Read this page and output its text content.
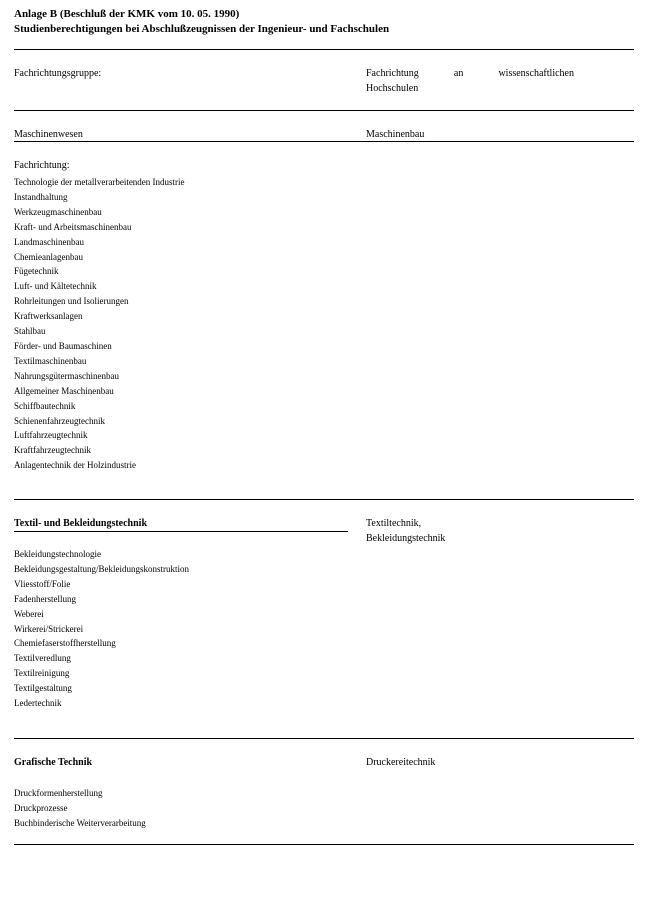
Anlage B (Beschluß der KMK vom 10. 05. 1990)
Studienberechtigungen bei Abschlußzeugnissen der Ingenieur- und Fachschulen
Fachrichtungsgruppe:	Fachrichtung	an	wissenschaftlichen
Hochschulen
Maschinenwesen	Maschinenbau
Fachrichtung:
Technologie der metallverarbeitenden Industrie
Instandhaltung
Werkzeugmaschinenbau
Kraft- und Arbeitsmaschinenbau
Landmaschinenbau
Chemieanlagenbau
Fügetechnik
Luft- und Kältetechnik
Rohrleitungen und Isolierungen
Kraftwerksanlagen
Stahlbau
Förder- und Baumaschinen
Textilmaschinenbau
Nahrungsgütermaschinenbau
Allgemeiner Maschinenbau
Schiffbautechnik
Schienenfahrzeugtechnik
Luftfahrzeugtechnik
Kraftfahrzeugtechnik
Anlagentechnik der Holzindustrie
Textil- und Bekleidungstechnik	Textiltechnik,
Bekleidungstechnik
Bekleidungstechnologie
Bekleidungsgestaltung/Bekleidungskonstruktion
Vliesstoff/Folie
Fadenherstellung
Weberei
Wirkerei/Strickerei
Chemiefaserstoffherstellung
Textilveredlung
Textilreinigung
Textilgestaltung
Ledertechnik
Grafische Technik	Druckereitechnik
Druckformenherstellung
Druckprozesse
Buchbinderische Weiterverarbeitung
